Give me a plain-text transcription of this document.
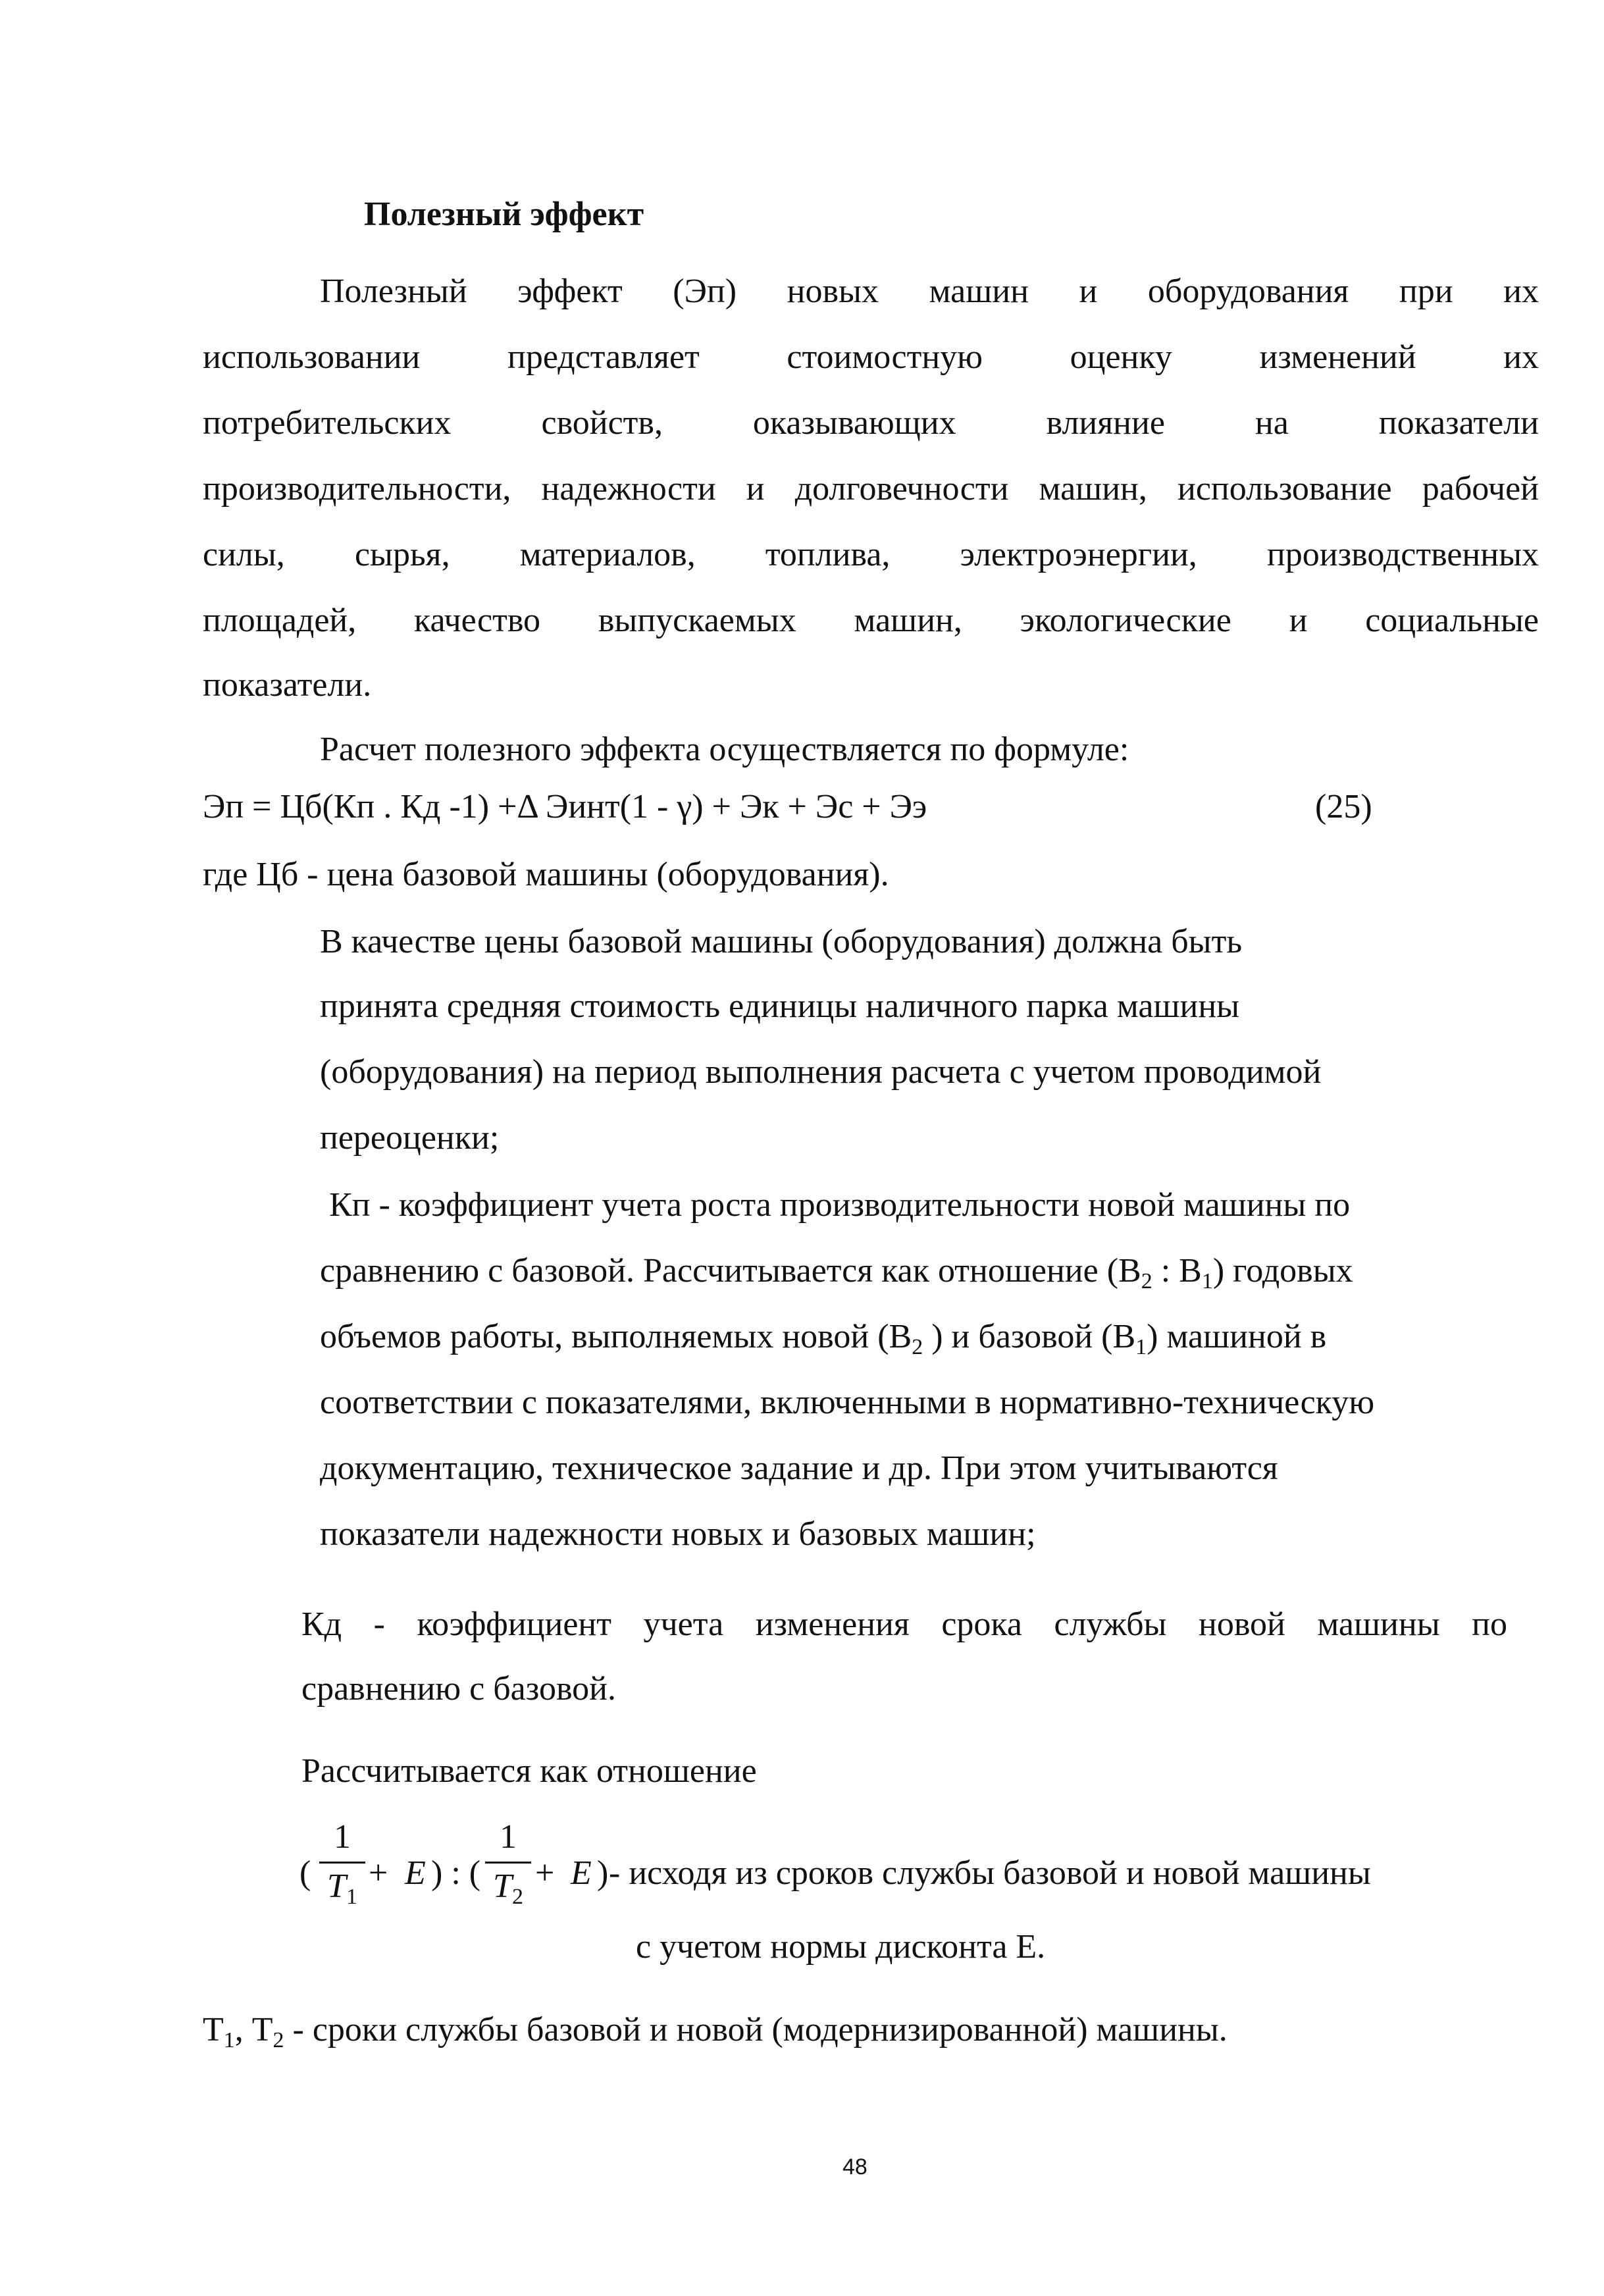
Полезный эффект
Полезный эффект (Эп) новых машин и оборудования при их
использовании представляет стоимостную оценку изменений их
потребительских свойств, оказывающих влияние на показатели
производительности, надежности и долговечности машин, использование рабочей
силы, сырья, материалов, топлива, электроэнергии, производственных
площадей, качество выпускаемых машин, экологические и социальные
показатели.
Расчет полезного эффекта осуществляется по формуле:
Эп = Цб(Кп . Кд -1) +Δ Эинт(1 - γ) + Эк + Эс + Ээ	(25)
где Цб - цена базовой машины (оборудования).
В качестве цены базовой машины (оборудования) должна быть
принята средняя стоимость единицы наличного парка машины
(оборудования) на период выполнения расчета с учетом проводимой
переоценки;
Кп - коэффициент учета роста производительности новой машины по
сравнению с базовой. Рассчитывается как отношение ($В_2$ : $В_1$) годовых
объемов работы, выполняемых новой ($В_2$ ) и базовой $(В_1)$ машиной в
соответствии с показателями, включенными в нормативно-техническую
документацию, техническое задание и др. При этом учитываются
показатели надежности новых и базовых машин;
Кд - коэффициент учета изменения срока службы новой машины по
сравнению с базовой.
Рассчитывается как отношение
(
1
$T_1$
+ E ) : (
1
$T_2$
+ E ) - исходя из сроков службы базовой и новой машины
с учетом нормы дисконта Е.
$Т_1$, $Т_2$ - сроки службы базовой и новой (модернизированной) машины.
48
